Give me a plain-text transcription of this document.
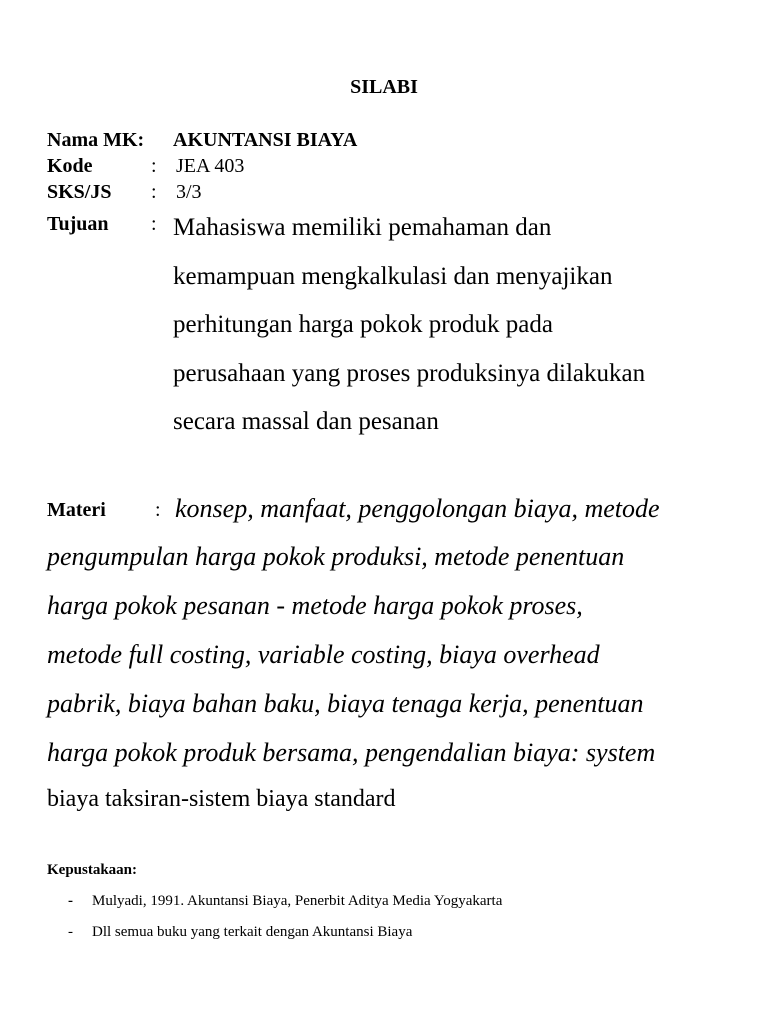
SILABI
Nama MK: AKUNTANSI BIAYA
Kode	: JEA 403
SKS/JS : 3/3
Tujuan : Mahasiswa memiliki pemahaman dan
kemampuan mengkalkulasi dan menyajikan
perhitungan harga pokok produk pada
perusahaan yang proses produksinya dilakukan
secara massal dan pesanan
Materi : konsep, manfaat, penggolongan biaya, metode
pengumpulan harga pokok produksi, metode penentuan
harga pokok pesanan - metode harga pokok proses,
metode full costing, variable costing, biaya overhead
pabrik, biaya bahan baku, biaya tenaga kerja, penentuan
harga pokok produk bersama, pengendalian biaya: system
biaya taksiran-sistem biaya standard
Kepustakaan:
- Mulyadi, 1991. Akuntansi Biaya, Penerbit Aditya Media Yogyakarta
- Dll semua buku yang terkait dengan Akuntansi Biaya
